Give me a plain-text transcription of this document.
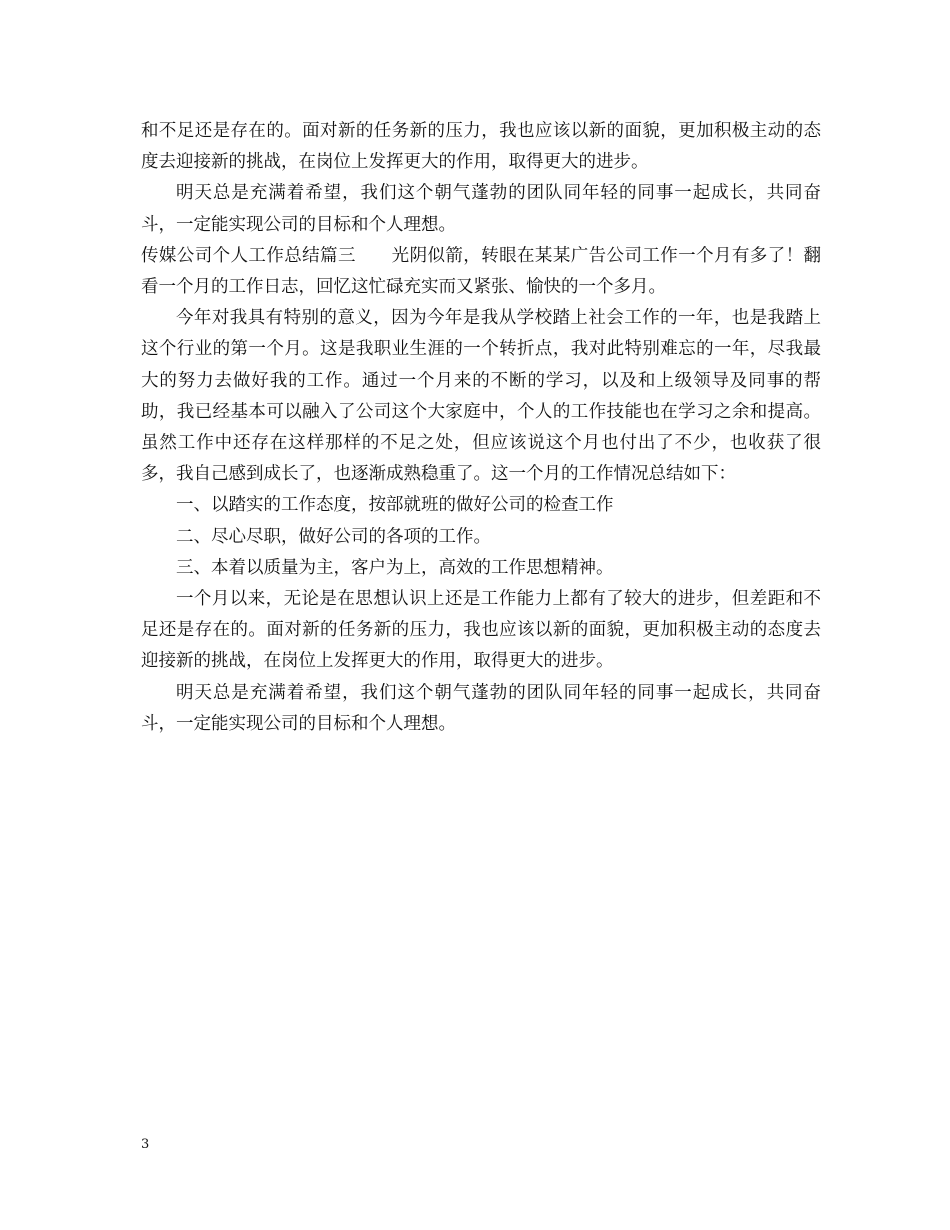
和不足还是存在的。面对新的任务新的压力，我也应该以新的面貌，更加积极主动的态度去迎接新的挑战，在岗位上发挥更大的作用，取得更大的进步。

明天总是充满着希望，我们这个朝气蓬勃的团队同年轻的同事一起成长，共同奋斗，一定能实现公司的目标和个人理想。

传媒公司个人工作总结篇三　　光阴似箭，转眼在某某广告公司工作一个月有多了！翻看一个月的工作日志，回忆这忙碌充实而又紧张、愉快的一个多月。

今年对我具有特别的意义，因为今年是我从学校踏上社会工作的一年，也是我踏上这个行业的第一个月。这是我职业生涯的一个转折点，我对此特别难忘的一年，尽我最大的努力去做好我的工作。通过一个月来的不断的学习，以及和上级领导及同事的帮助，我已经基本可以融入了公司这个大家庭中，个人的工作技能也在学习之余和提高。虽然工作中还存在这样那样的不足之处，但应该说这个月也付出了不少，也收获了很多，我自己感到成长了，也逐渐成熟稳重了。这一个月的工作情况总结如下：

一、以踏实的工作态度，按部就班的做好公司的检查工作

二、尽心尽职，做好公司的各项的工作。

三、本着以质量为主，客户为上，高效的工作思想精神。

一个月以来，无论是在思想认识上还是工作能力上都有了较大的进步，但差距和不足还是存在的。面对新的任务新的压力，我也应该以新的面貌，更加积极主动的态度去迎接新的挑战，在岗位上发挥更大的作用，取得更大的进步。

明天总是充满着希望，我们这个朝气蓬勃的团队同年轻的同事一起成长，共同奋斗，一定能实现公司的目标和个人理想。

3
